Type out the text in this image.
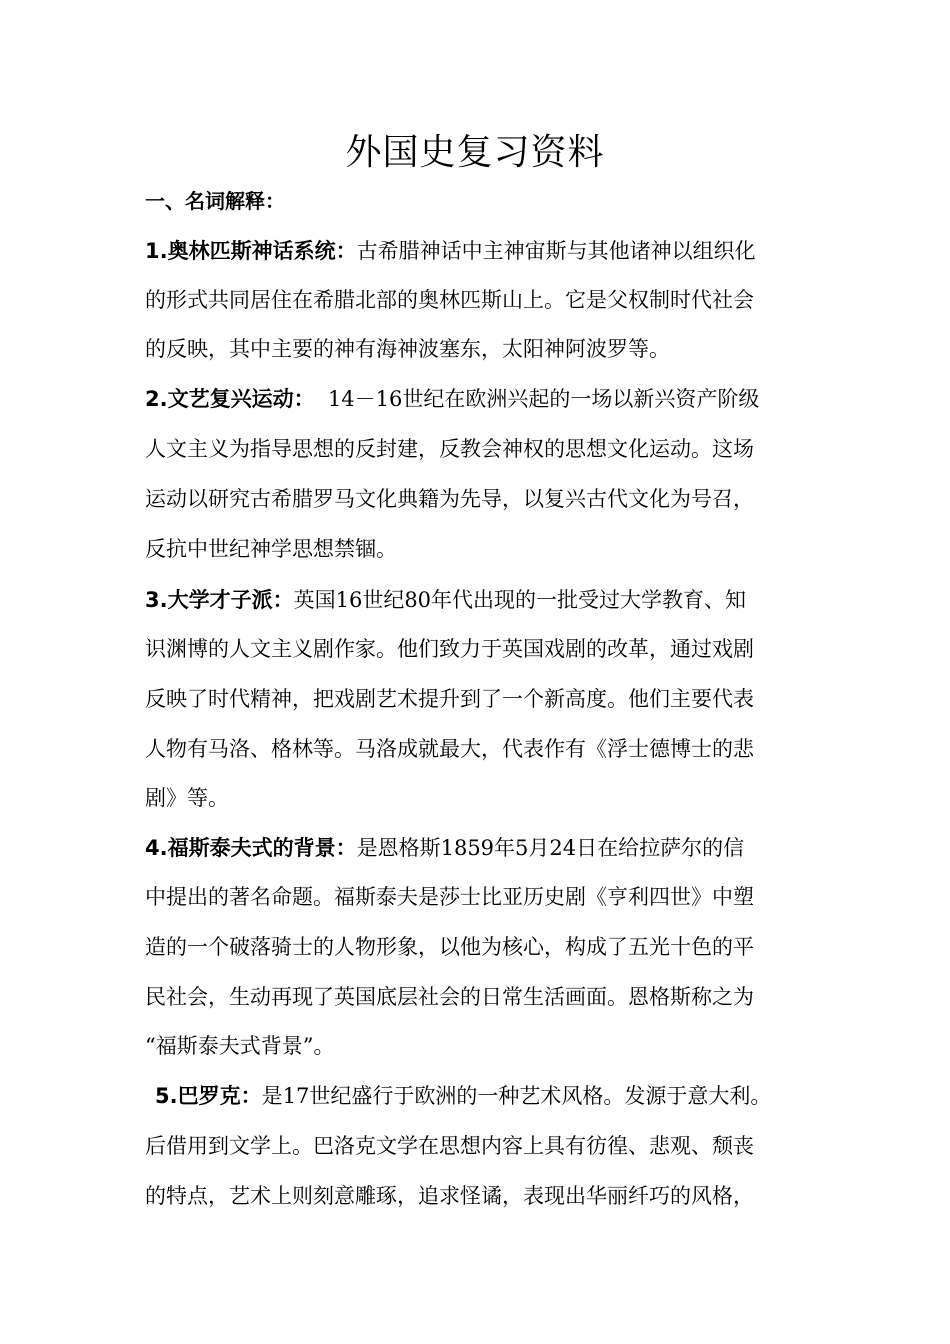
外国史复习资料
一、名词解释：
1.奥林匹斯神话系统：古希腊神话中主神宙斯与其他诸神以组织化
的形式共同居住在希腊北部的奥林匹斯山上。它是父权制时代社会
的反映，其中主要的神有海神波塞东，太阳神阿波罗等。
2.文艺复兴运动：  14－16世纪在欧洲兴起的一场以新兴资产阶级
人文主义为指导思想的反封建，反教会神权的思想文化运动。这场
运动以研究古希腊罗马文化典籍为先导，以复兴古代文化为号召，
反抗中世纪神学思想禁锢。
3.大学才子派：英国16世纪80年代出现的一批受过大学教育、知
识渊博的人文主义剧作家。他们致力于英国戏剧的改革，通过戏剧
反映了时代精神，把戏剧艺术提升到了一个新高度。他们主要代表
人物有马洛、格林等。马洛成就最大，代表作有《浮士德博士的悲
剧》等。
4.福斯泰夫式的背景：是恩格斯1859年5月24日在给拉萨尔的信
中提出的著名命题。福斯泰夫是莎士比亚历史剧《亨利四世》中塑
造的一个破落骑士的人物形象，以他为核心，构成了五光十色的平
民社会，生动再现了英国底层社会的日常生活画面。恩格斯称之为
“福斯泰夫式背景”。
5.巴罗克：是17世纪盛行于欧洲的一种艺术风格。发源于意大利。
后借用到文学上。巴洛克文学在思想内容上具有彷徨、悲观、颓丧
的特点，艺术上则刻意雕琢，追求怪谲，表现出华丽纤巧的风格，
